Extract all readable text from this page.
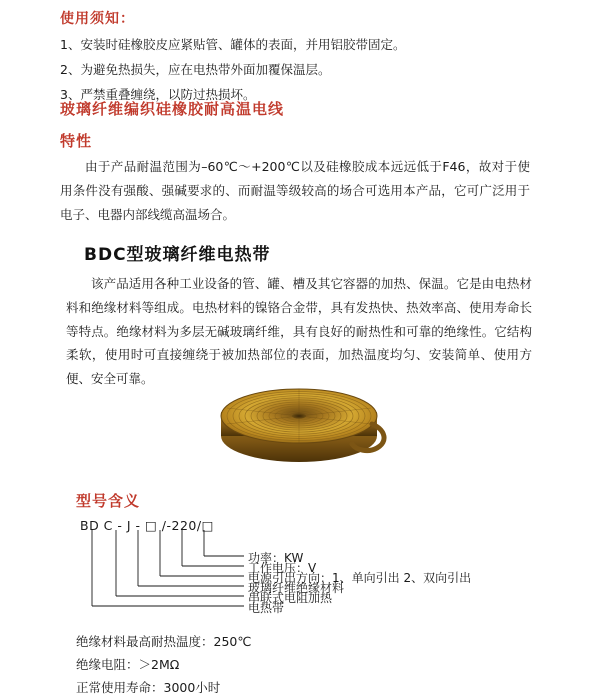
使用须知：
1、安装时硅橡胶皮应紧贴管、罐体的表面，并用铝胶带固定。
2、为避免热损失，应在电热带外面加覆保温层。
3、严禁重叠缠绕，以防过热损坏。
玻璃纤维编织硅橡胶耐高温电线
特性
由于产品耐温范围为–60℃～+200℃以及硅橡胶成本远远低于F46，故对于使用条件没有强酸、强碱要求的、而耐温等级较高的场合可选用本产品，它可广泛用于电子、电器内部线缆高温场合。
BDC型玻璃纤维电热带
该产品适用各种工业设备的管、罐、槽及其它容器的加热、保温。它是由电热材料和绝缘材料等组成。电热材料的镍铬合金带，具有发热快、热效率高、使用寿命长等特点。绝缘材料为多层无碱玻璃纤维，具有良好的耐热性和可靠的绝缘性。它结构柔软，使用时可直接缠绕于被加热部位的表面，加热温度均匀、安装简单、使用方便、安全可靠。
型号含义
功率：KW
工作电压：V
电源引出方向：1、单向引出 2、双向引出
玻璃纤维绝缘材料
串联式电阻加热
电热带
BD C - J - □ /-220/□
绝缘材料最高耐热温度：250℃
绝缘电阻：＞2MΩ
正常使用寿命：3000小时
